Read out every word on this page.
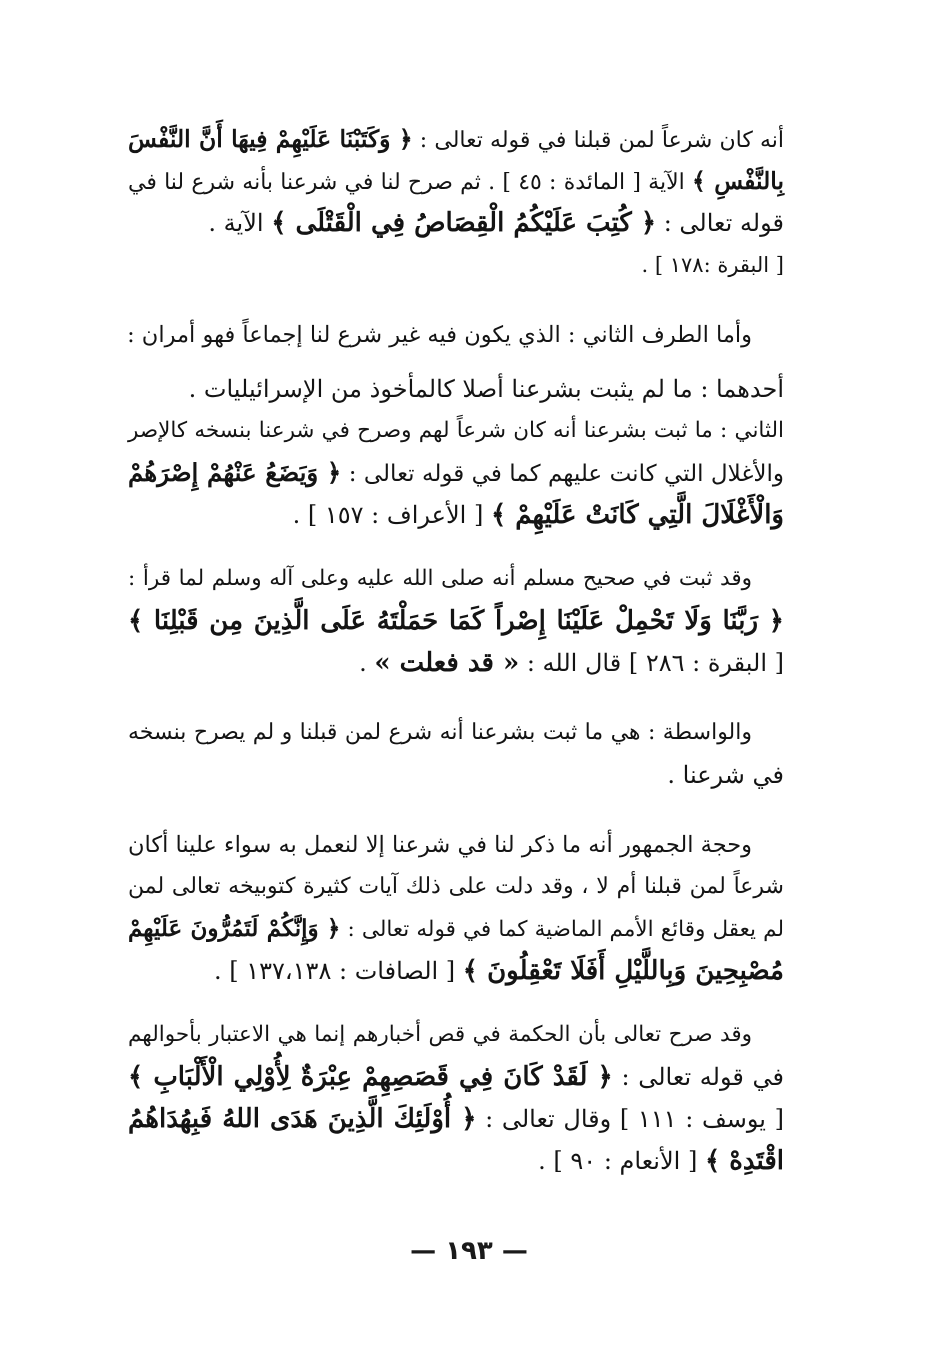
أنه كان شرعاً لمن قبلنا في قوله تعالى : ﴿ وَكَتَبْنَا عَلَيْهِمْ فِيهَا أَنَّ النَّفْسَ
بِالنَّفْسِ ﴾ الآية [ المائدة : ٤٥ ] . ثم صرح لنا في شرعنا بأنه شرع لنا في
قوله تعالى : ﴿ كُتِبَ عَلَيْكُمُ الْقِصَاصُ فِي الْقَتْلَى ﴾ الآية .
[ البقرة :١٧٨ ] .
وأما الطرف الثاني : الذي يكون فيه غير شرع لنا إجماعاً فهو أمران :
أحدهما : ما لم يثبت بشرعنا أصلا كالمأخوذ من الإسرائيليات .
الثاني : ما ثبت بشرعنا أنه كان شرعاً لهم وصرح في شرعنا بنسخه كالإصر
والأغلال التي كانت عليهم كما في قوله تعالى : ﴿ وَيَضَعُ عَنْهُمْ إِصْرَهُمْ
وَالْأَغْلَالَ الَّتِي كَانَتْ عَلَيْهِمْ ﴾ [ الأعراف : ١٥٧ ] .
وقد ثبت في صحيح مسلم أنه صلى الله عليه وعلى آله وسلم لما قرأ :
﴿ رَبَّنَا وَلَا تَحْمِلْ عَلَيْنَا إِصْراً كَمَا حَمَلْتَهُ عَلَى الَّذِينَ مِن قَبْلِنَا ﴾
[ البقرة : ٢٨٦ ] قال الله : « قد فعلت » .
والواسطة : هي ما ثبت بشرعنا أنه شرع لمن قبلنا و لم يصرح بنسخه
في شرعنا .
وحجة الجمهور أنه ما ذكر لنا في شرعنا إلا لنعمل به سواء علينا أكان
شرعاً لمن قبلنا أم لا ، وقد دلت على ذلك آيات كثيرة كتوبيخه تعالى لمن
لم يعقل وقائع الأمم الماضية كما في قوله تعالى : ﴿ وَإِنَّكُمْ لَتَمُرُّونَ عَلَيْهِمْ
مُصْبِحِينَ وَبِاللَّيْلِ أَفَلَا تَعْقِلُونَ ﴾ [ الصافات : ١٣٧،١٣٨ ] .
وقد صرح تعالى بأن الحكمة في قص أخبارهم إنما هي الاعتبار بأحوالهم
في قوله تعالى : ﴿ لَقَدْ كَانَ فِي قَصَصِهِمْ عِبْرَةٌ لِأُوْلِي الْأَلْبَابِ ﴾
[ يوسف : ١١١ ] وقال تعالى : ﴿ أُوْلَئِكَ الَّذِينَ هَدَى اللهُ فَبِهُدَاهُمُ
اقْتَدِهْ ﴾ [ الأنعام : ٩٠ ] .
— ١٩٣ —
